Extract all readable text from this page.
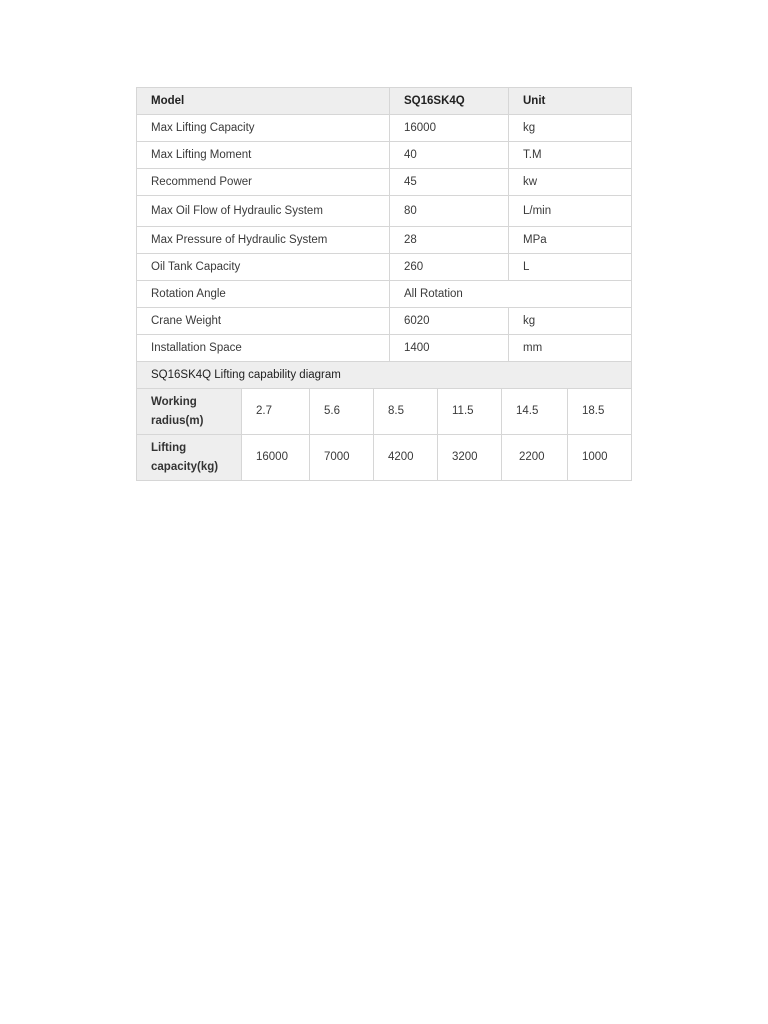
Model	SQ16SK4Q	Unit
Max Lifting Capacity	16000	kg
Max Lifting Moment	40	T.M
Recommend Power	45	kw
Max Oil Flow of Hydraulic System	80	L/min
Max Pressure of Hydraulic System	28	MPa
Oil Tank Capacity	260	L
Rotation Angle	All Rotation	
Crane Weight	6020	kg
Installation Space	1400	mm
SQ16SK4Q Lifting capability diagram		
Working radius(m)	2.7	5.6	8.5	11.5	14.5	18.5
Lifting capacity(kg)	16000	7000	4200	3200	2200	1000
